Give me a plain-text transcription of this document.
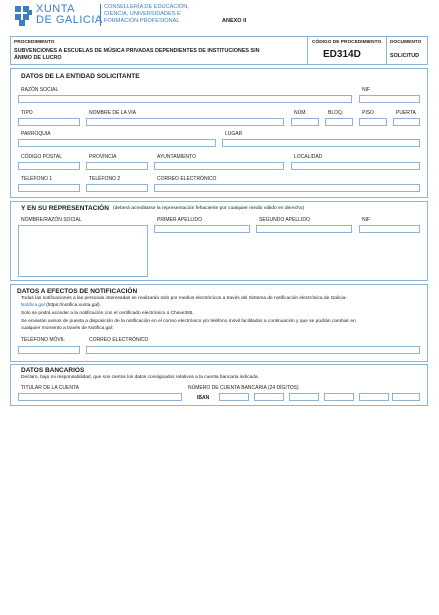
XUNTA
DE GALICIA
CONSELLERÍA DE EDUCACIÓN,
CIENCIA, UNIVERSIDADES E
FORMACIÓN PROFESIONAL	ANEXO II
PROCEDIMIENTO
SUBVENCIONES A ESCUELAS DE MÚSICA PRIVADAS DEPENDIENTES DE INSTITUCIONES SIN
ÁNIMO DE LUCRO
CÓDIGO DE PROCEDIMIENTO
ED314D
DOCUMENTO
SOLICITUD
DATOS DE LA ENTIDAD SOLICITANTE
RAZÓN SOCIAL	NIF
TIPO	NOMBRE DE LA VÍA	NÚM.	BLOQ.	PISO	PUERTA
PARROQUIA	LUGAR
CÓDIGO POSTAL	PROVINCIA	AYUNTAMIENTO	LOCALIDAD
TELÉFONO 1	TELÉFONO 2	CORREO ELECTRÓNICO
Y EN SU REPRESENTACIÓN (deberá acreditarse la representación fehaciente por cualquier medio válido en derecho)
NOMBRE/RAZÓN SOCIAL	PRIMER APELLIDO	SEGUNDO APELLIDO	NIF
DATOS A EFECTOS DE NOTIFICACIÓN
Todas las notificaciones a las personas interesadas se realizarán solo por medios electrónicos a través del Sistema de notificación electrónica de Galicia-
Notifica.gal (https://notifica.xunta.gal).
Solo se podrá acceder a la notificación con el certificado electrónico o Chave365.
Se enviarán avisos de puesta a disposición de la notificación en el correo electrónico y/o teléfono móvil facilitados a continuación y que se podrán cambiar en
cualquier momento a través de Notifica.gal:
TELÉFONO MÓVIL	CORREO ELECTRÓNICO
DATOS BANCARIOS
Declaro, bajo mi responsabilidad, que son ciertos los datos consignados relativos a la cuenta bancaria indicada.
TITULAR DE LA CUENTA	NÚMERO DE CUENTA BANCARIA (24 DÍGITOS)
IBAN
